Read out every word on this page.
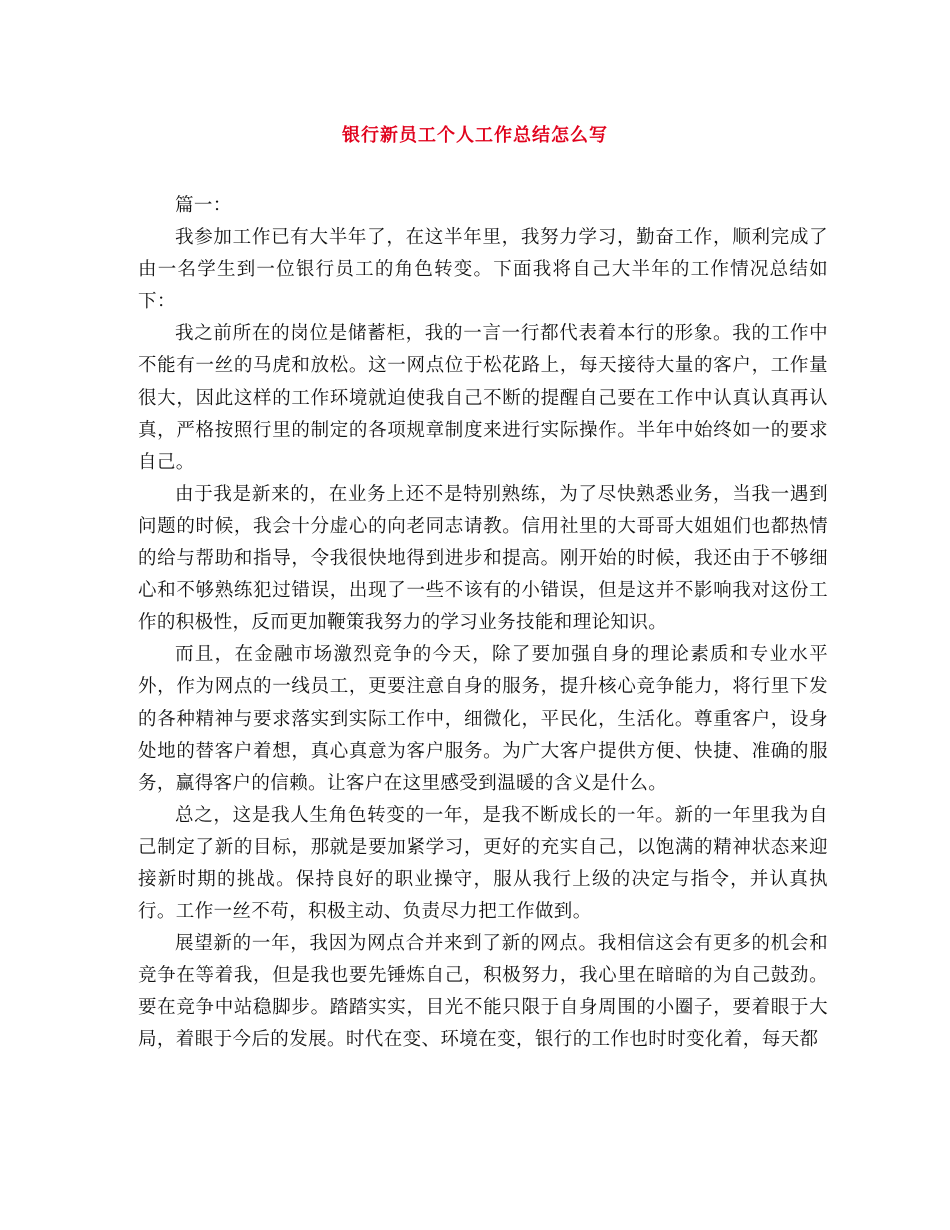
银行新员工个人工作总结怎么写

篇一：

我参加工作已有大半年了，在这半年里，我努力学习，勤奋工作，顺利完成了由一名学生到一位银行员工的角色转变。下面我将自己大半年的工作情况总结如下：

我之前所在的岗位是储蓄柜，我的一言一行都代表着本行的形象。我的工作中不能有一丝的马虎和放松。这一网点位于松花路上，每天接待大量的客户，工作量很大，因此这样的工作环境就迫使我自己不断的提醒自己要在工作中认真认真再认真，严格按照行里的制定的各项规章制度来进行实际操作。半年中始终如一的要求自己。

由于我是新来的，在业务上还不是特别熟练，为了尽快熟悉业务，当我一遇到问题的时候，我会十分虚心的向老同志请教。信用社里的大哥哥大姐姐们也都热情的给与帮助和指导，令我很快地得到进步和提高。刚开始的时候，我还由于不够细心和不够熟练犯过错误，出现了一些不该有的小错误，但是这并不影响我对这份工作的积极性，反而更加鞭策我努力的学习业务技能和理论知识。

而且，在金融市场激烈竞争的今天，除了要加强自身的理论素质和专业水平外，作为网点的一线员工，更要注意自身的服务，提升核心竞争能力，将行里下发的各种精神与要求落实到实际工作中，细微化，平民化，生活化。尊重客户，设身处地的替客户着想，真心真意为客户服务。为广大客户提供方便、快捷、准确的服务，赢得客户的信赖。让客户在这里感受到温暖的含义是什么。

总之，这是我人生角色转变的一年，是我不断成长的一年。新的一年里我为自己制定了新的目标，那就是要加紧学习，更好的充实自己，以饱满的精神状态来迎接新时期的挑战。保持良好的职业操守，服从我行上级的决定与指令，并认真执行。工作一丝不苟，积极主动、负责尽力把工作做到。

展望新的一年，我因为网点合并来到了新的网点。我相信这会有更多的机会和竞争在等着我，但是我也要先锤炼自己，积极努力，我心里在暗暗的为自己鼓劲。要在竞争中站稳脚步。踏踏实实，目光不能只限于自身周围的小圈子，要着眼于大局，着眼于今后的发展。时代在变、环境在变，银行的工作也时时变化着，每天都
